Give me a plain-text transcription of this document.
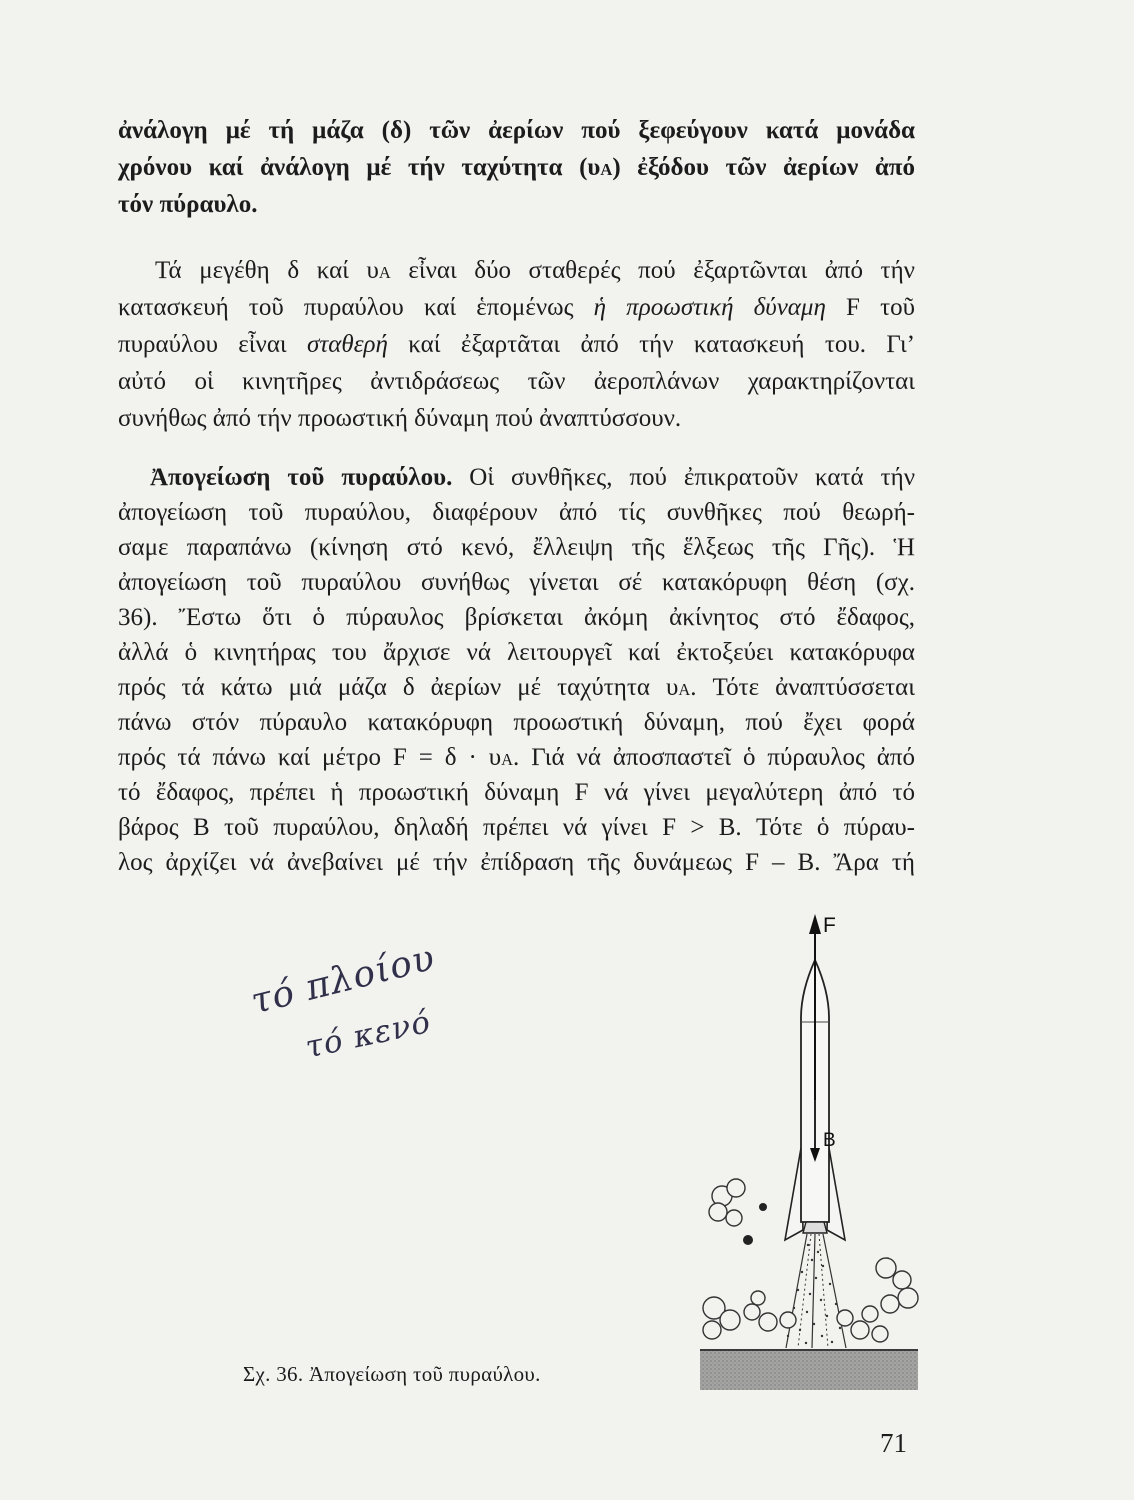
ἀνάλογη μέ τή μάζα (δ) τῶν ἀερίων πού ξεφεύγουν κατά μονάδα
χρόνου καί ἀνάλογη μέ τήν ταχύτητα (υA) ἐξόδου τῶν ἀερίων ἀπό
τόν πύραυλο.
Τά μεγέθη δ καί υA εἶναι δύο σταθερές πού ἐξαρτῶνται ἀπό τήν
κατασκευή τοῦ πυραύλου καί ἑπομένως ἡ προωστική δύναμη F τοῦ
πυραύλου εἶναι σταθερή καί ἐξαρτᾶται ἀπό τήν κατασκευή του. Γι’
αὐτό οἱ κινητῆρες ἀντιδράσεως τῶν ἀεροπλάνων χαρακτηρίζονται
συνήθως ἀπό τήν προωστική δύναμη πού ἀναπτύσσουν.
Ἀπογείωση τοῦ πυραύλου. Οἱ συνθῆκες, πού ἐπικρατοῦν κατά τήν
ἀπογείωση τοῦ πυραύλου, διαφέρουν ἀπό τίς συνθῆκες πού θεωρή-
σαμε παραπάνω (κίνηση στό κενό, ἔλλειψη τῆς ἕλξεως τῆς Γῆς). Ἡ
ἀπογείωση τοῦ πυραύλου συνήθως γίνεται σέ κατακόρυφη θέση (σχ.
36). Ἔστω ὅτι ὁ πύραυλος βρίσκεται ἀκόμη ἀκίνητος στό ἔδαφος,
ἀλλά ὁ κινητήρας του ἄρχισε νά λειτουργεῖ καί ἐκτοξεύει κατακόρυφα
πρός τά κάτω μιά μάζα δ ἀερίων μέ ταχύτητα υA. Τότε ἀναπτύσσεται
πάνω στόν πύραυλο κατακόρυφη προωστική δύναμη, πού ἔχει φορά
πρός τά πάνω καί μέτρο F = δ · υA. Γιά νά ἀποσπαστεῖ ὁ πύραυλος ἀπό
τό ἔδαφος, πρέπει ἡ προωστική δύναμη F νά γίνει μεγαλύτερη ἀπό τό
βάρος B τοῦ πυραύλου, δηλαδή πρέπει νά γίνει F > B. Τότε ὁ πύραυ-
λος ἀρχίζει νά ἀνεβαίνει μέ τήν ἐπίδραση τῆς δυνάμεως F – B. Ἄρα τή
τό πλοίου
τό κενό
F
B
Σχ. 36. Ἀπογείωση τοῦ πυραύλου.
71
